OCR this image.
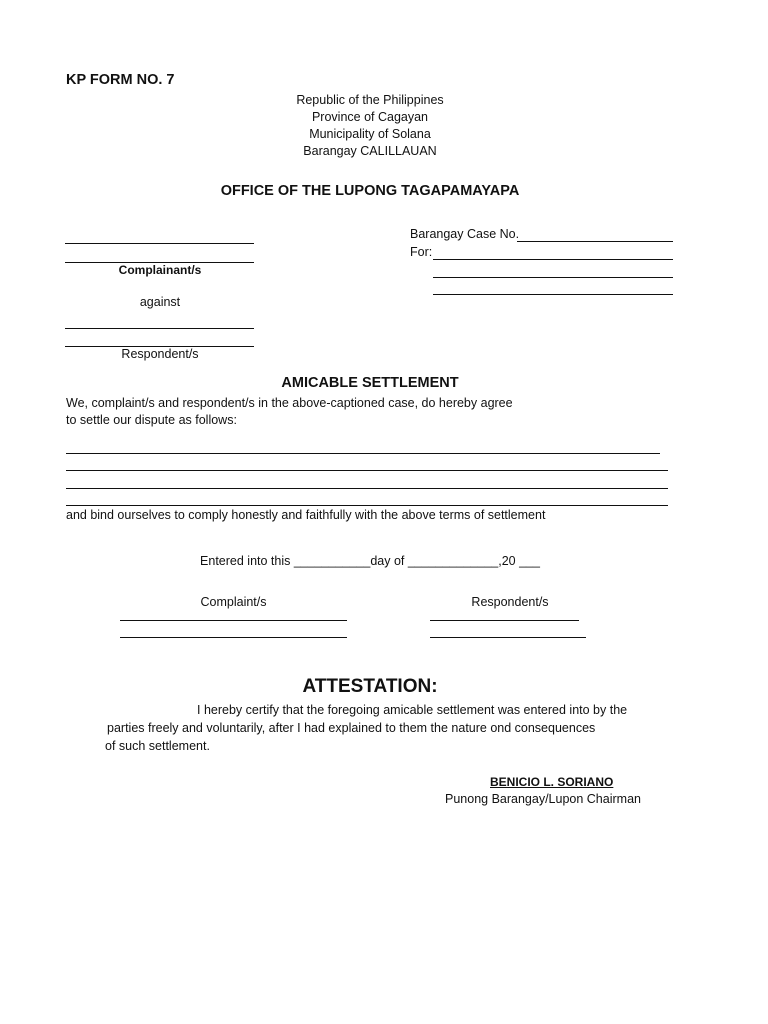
KP FORM NO. 7
Republic of the Philippines
Province of Cagayan
Municipality of Solana
Barangay CALILLAUAN
OFFICE OF THE LUPONG TAGAPAMAYAPA
Complainant/s
against
Respondent/s
Barangay Case No.
For:
AMICABLE SETTLEMENT
We, complaint/s and respondent/s in the above-captioned case, do hereby agree
to settle our dispute as follows:
and bind ourselves to comply honestly and faithfully with the above terms of settlement
Entered into this ___________day of _____________,20 ___
Complaint/s	Respondent/s
ATTESTATION:
I hereby certify that the foregoing amicable settlement was entered into by the
parties freely and voluntarily, after I had explained to them the nature ond consequences
of such settlement.
BENICIO L. SORIANO
Punong Barangay/Lupon Chairman
